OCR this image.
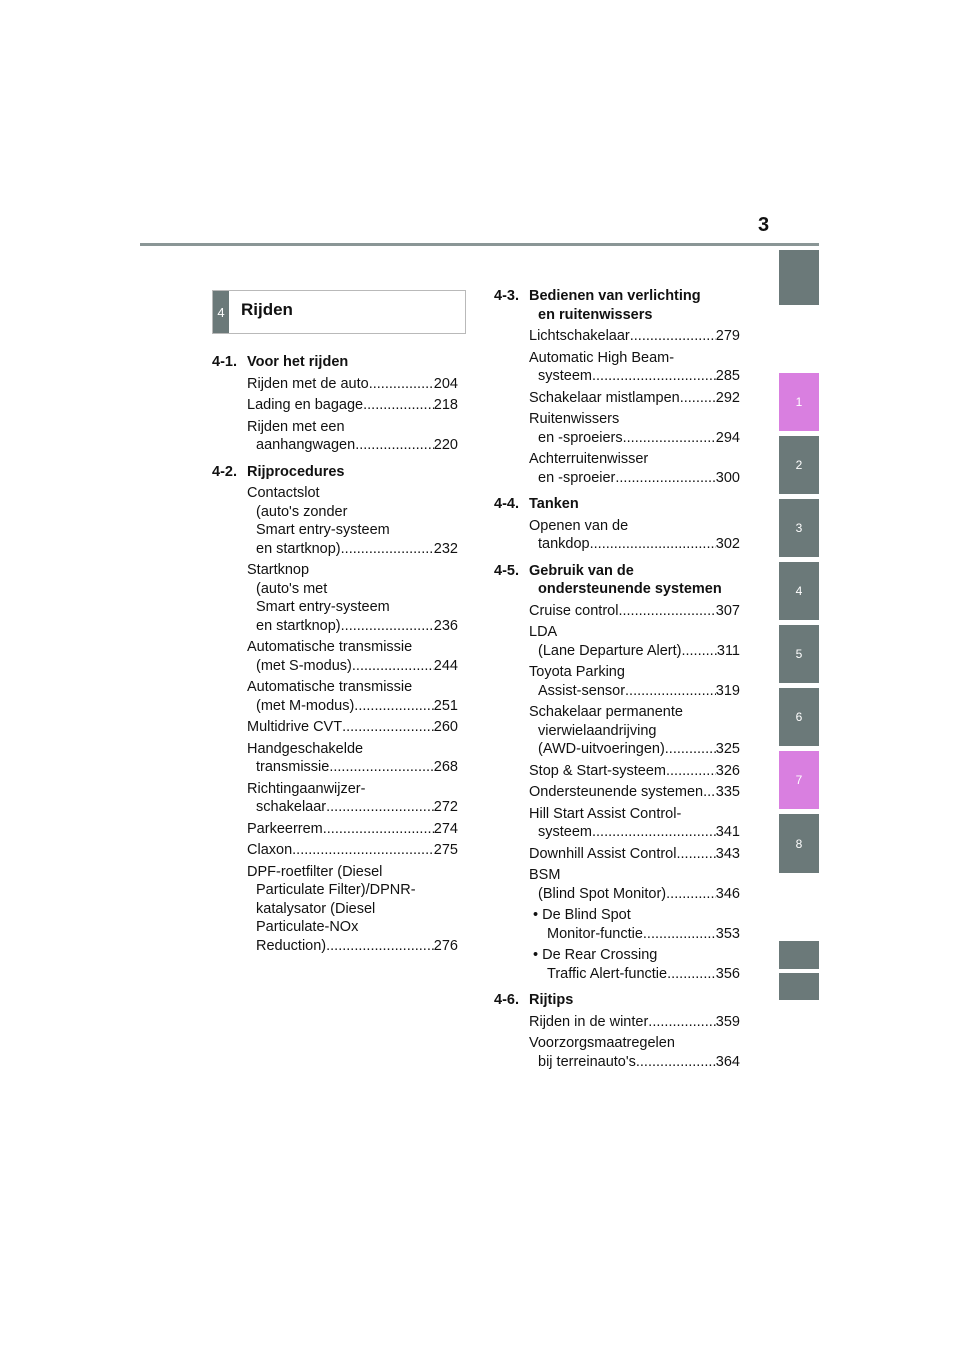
3
1
2
3
4
5
6
7
8
4 Rijden
4-1. Voor het rijden
Rijden met de auto .....	204
Lading en bagage .....	218
Rijden met een
aanhangwagen .....	220
4-2. Rijprocedures
Contactslot
(auto's zonder
Smart entry-systeem
en startknop) .....	232
Startknop
(auto's met
Smart entry-systeem
en startknop) .....	236
Automatische transmissie
(met S-modus) .....	244
Automatische transmissie
(met M-modus) .....	251
Multidrive CVT .....	260
Handgeschakelde
transmissie .....	268
Richtingaanwijzer-
schakelaar .....	272
Parkeerrem .....	274
Claxon .....	275
DPF-roetfilter (Diesel
Particulate Filter)/DPNR-
katalysator (Diesel
Particulate-NOx
Reduction) .....	276
4-3. Bedienen van verlichting
en ruitenwissers
Lichtschakelaar .....	279
Automatic High Beam-
systeem .....	285
Schakelaar mistlampen ..... 292
Ruitenwissers
en -sproeiers .....	294
Achterruitenwisser
en -sproeier .....	300
4-4. Tanken
Openen van de
tankdop .....	302
4-5. Gebruik van de
ondersteunende systemen
Cruise control .....	307
LDA
(Lane Departure Alert) ..... 311
Toyota Parking
Assist-sensor .....	319
Schakelaar permanente
vierwielaandrijving
(AWD-uitvoeringen) .....	325
Stop & Start-systeem .....	326
Ondersteunende systemen ..... 335
Hill Start Assist Control-
systeem .....	341
Downhill Assist Control .....	343
BSM
(Blind Spot Monitor) .....	346
• De Blind Spot
Monitor-functie .....	353
• De Rear Crossing
Traffic Alert-functie .....	356
4-6. Rijtips
Rijden in de winter .....	359
Voorzorgsmaatregelen
bij terreinauto's .....	364
